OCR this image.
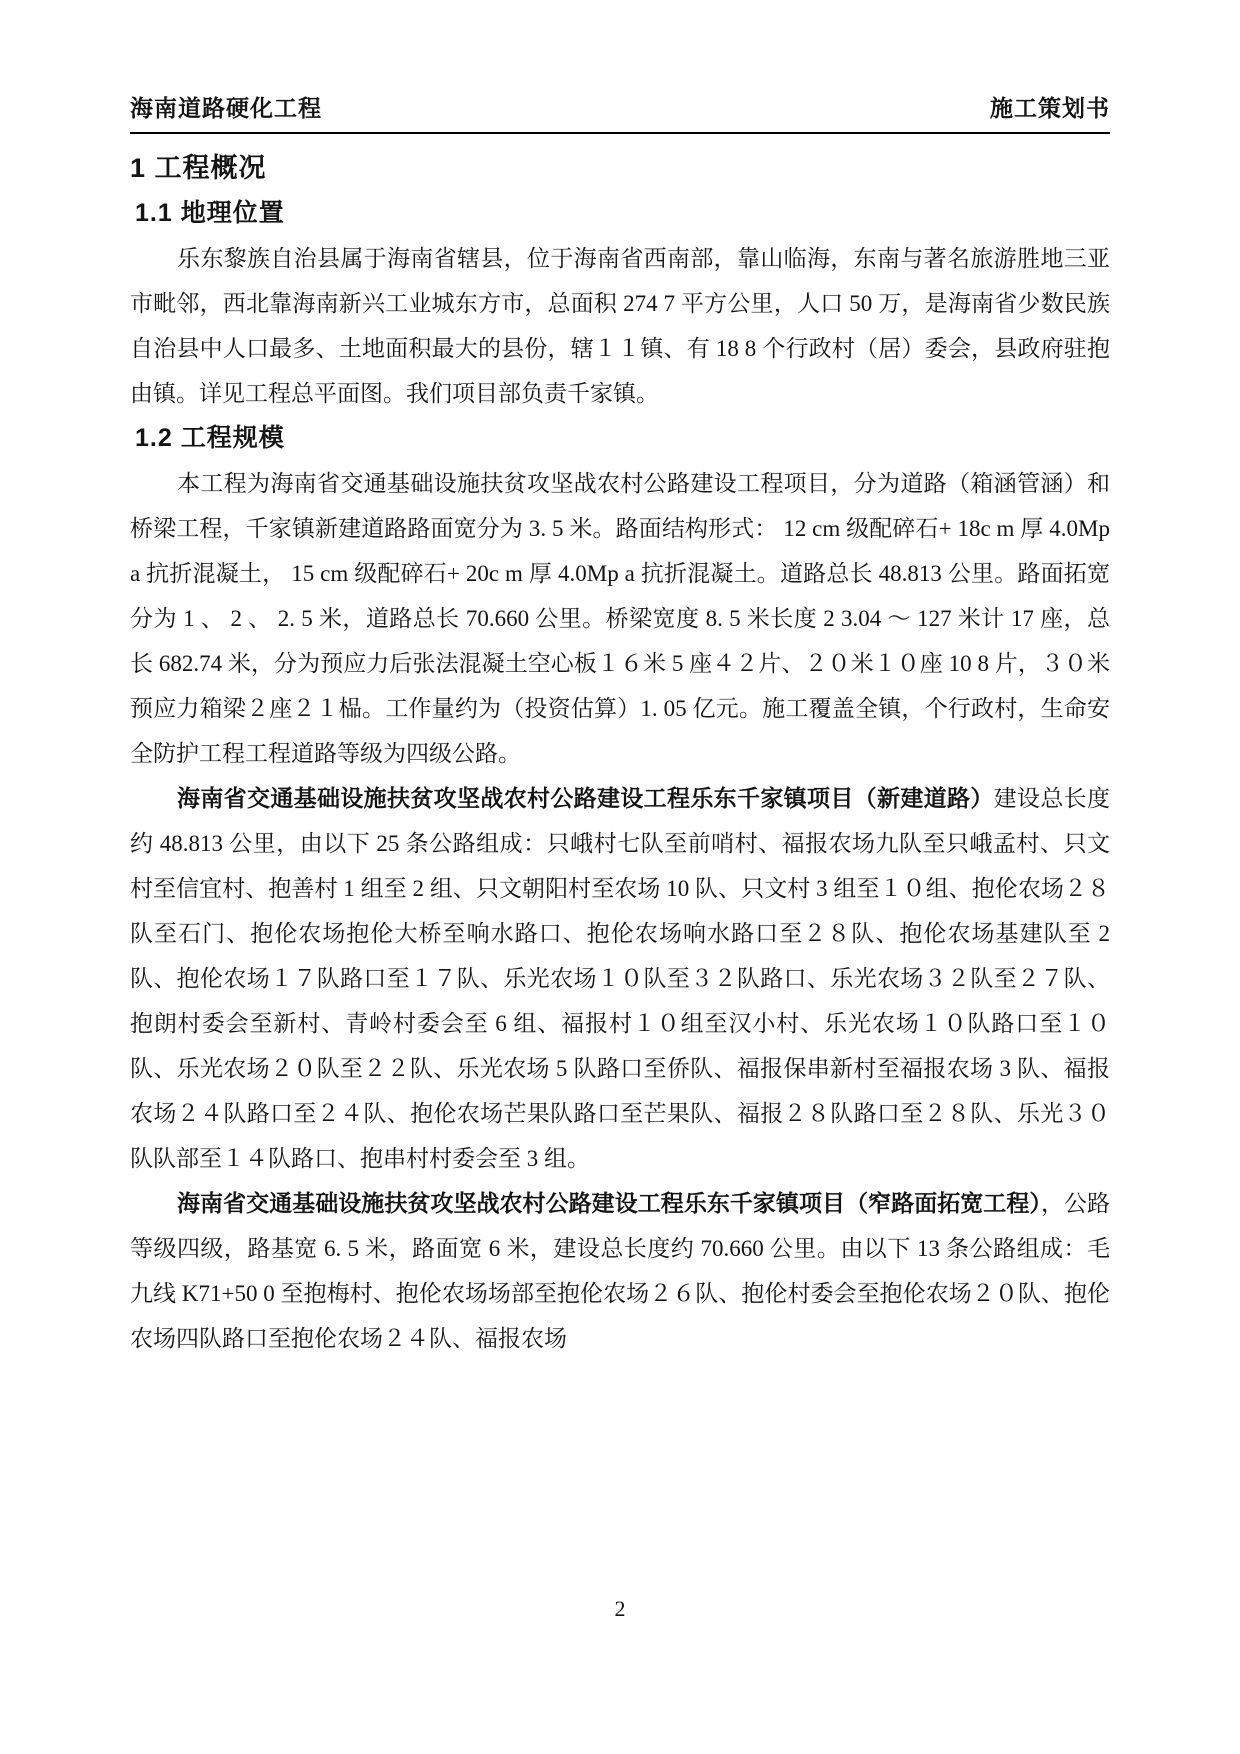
海南道路硬化工程	施工策划书
1 工程概况
1.1 地理位置

乐东黎族自治县属于海南省辖县，位于海南省西南部，靠山临海，东南与著名旅游胜地三亚市毗邻，西北靠海南新兴工业城东方市，总面积 274 7 平方公里，人口 50 万，是海南省少数民族自治县中人口最多、土地面积最大的县份，辖１１镇、有 18 8 个行政村（居）委会，县政府驻抱由镇。详见工程总平面图。我们项目部负责千家镇。

1.2 工程规模

本工程为海南省交通基础设施扶贫攻坚战农村公路建设工程项目，分为道路（箱涵管涵）和桥梁工程，千家镇新建道路路面宽分为 3. 5 米。路面结构形式： 12 cm 级配碎石+ 18c m 厚 4.0Mp a 抗折混凝土， 15 cm 级配碎石+ 20c m 厚 4.0Mp a 抗折混凝土。道路总长 48.813 公里。路面拓宽分为 1 、 2 、 2. 5 米，道路总长 70.660 公里。桥梁宽度 8. 5 米长度 2 3.04 ～ 127 米计 17 座，总长 682.74 米，分为预应力后张法混凝土空心板１６米 5 座４２片、２０米１０座 10 8 片，３０米预应力箱梁２座２１榀。工作量约为（投资估算）1. 05 亿元。施工覆盖全镇，个行政村，生命安全防护工程工程道路等级为四级公路。

海南省交通基础设施扶贫攻坚战农村公路建设工程乐东千家镇项目（新建道路）建设总长度约 48.813 公里，由以下 25 条公路组成：只峨村七队至前哨村、福报农场九队至只峨孟村、只文村至信宜村、抱善村 1 组至 2 组、只文朝阳村至农场 10 队、只文村 3 组至１０组、抱伦农场２８队至石门、抱伦农场抱伦大桥至响水路口、抱伦农场响水路口至２８队、抱伦农场基建队至 2 队、抱伦农场１７队路口至１７队、乐光农场１０队至３２队路口、乐光农场３２队至２７队、抱朗村委会至新村、青岭村委会至 6 组、福报村１０组至汉小村、乐光农场１０队路口至１０队、乐光农场２０队至２２队、乐光农场 5 队路口至侨队、福报保串新村至福报农场 3 队、福报农场２４队路口至２４队、抱伦农场芒果队路口至芒果队、福报２８队路口至２８队、乐光３０队队部至１４队路口、抱串村村委会至 3 组。

海南省交通基础设施扶贫攻坚战农村公路建设工程乐东千家镇项目（窄路面拓宽工程），公路等级四级，路基宽 6. 5 米，路面宽 6 米，建设总长度约 70.660 公里。由以下 13 条公路组成：毛九线 K71+50 0 至抱梅村、抱伦农场场部至抱伦农场２６队、抱伦村委会至抱伦农场２０队、抱伦农场四队路口至抱伦农场２４队、福报农场

2
